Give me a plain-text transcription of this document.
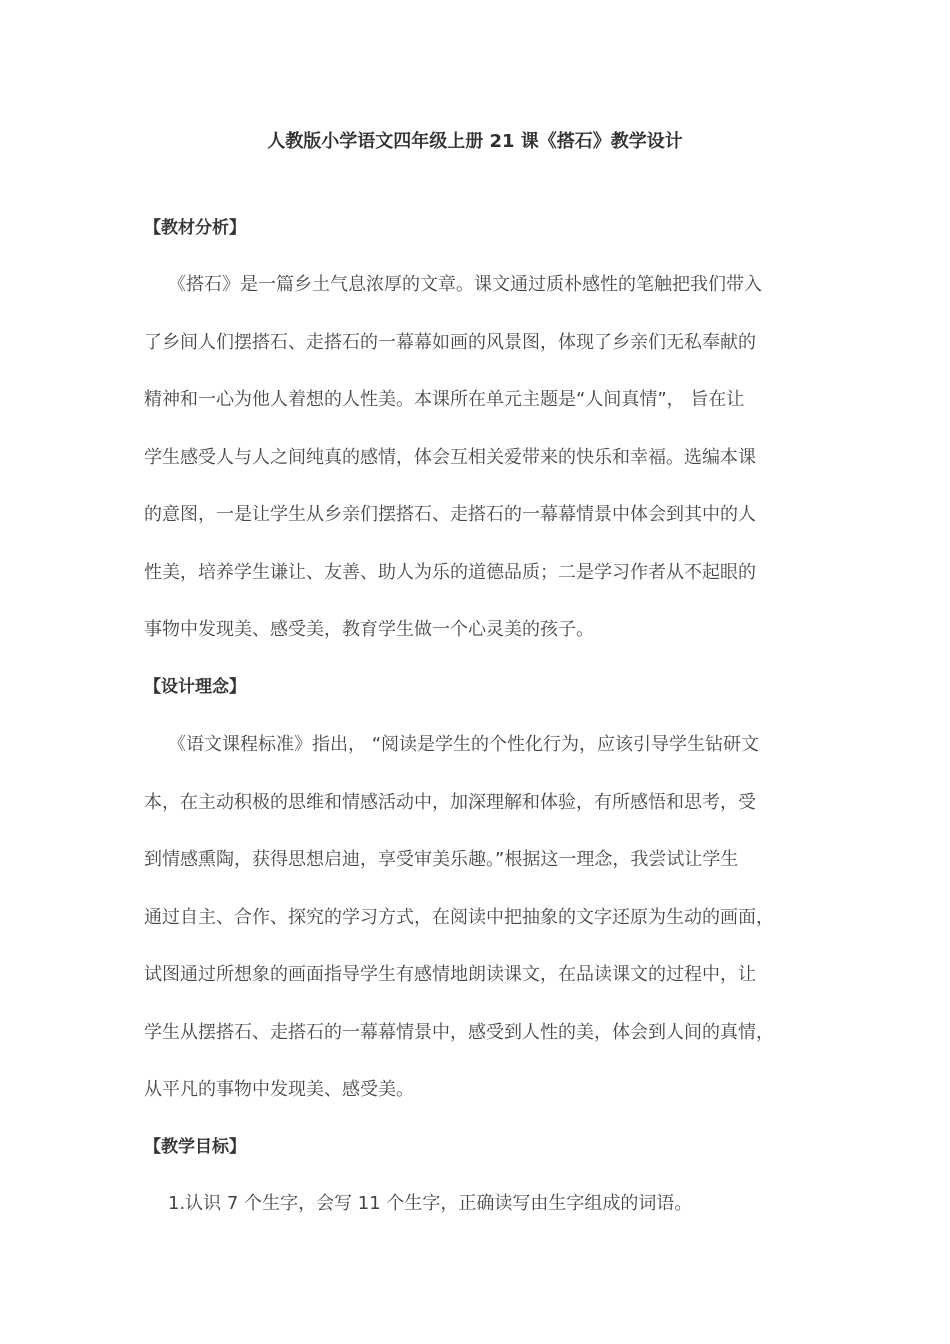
人教版小学语文四年级上册 21 课《搭石》教学设计
【教材分析】
《搭石》是一篇乡土气息浓厚的文章。课文通过质朴感性的笔触把我们带入
了乡间人们摆搭石、走搭石的一幕幕如画的风景图，体现了乡亲们无私奉献的
精神和一心为他人着想的人性美。本课所在单元主题是“人间真情”， 旨在让
学生感受人与人之间纯真的感情，体会互相关爱带来的快乐和幸福。选编本课
的意图，一是让学生从乡亲们摆搭石、走搭石的一幕幕情景中体会到其中的人
性美，培养学生谦让、友善、助人为乐的道德品质；二是学习作者从不起眼的
事物中发现美、感受美，教育学生做一个心灵美的孩子。
【设计理念】
《语文课程标准》指出， “阅读是学生的个性化行为，应该引导学生钻研文
本，在主动积极的思维和情感活动中，加深理解和体验，有所感悟和思考，受
到情感熏陶，获得思想启迪，享受审美乐趣。”根据这一理念，我尝试让学生
通过自主、合作、探究的学习方式，在阅读中把抽象的文字还原为生动的画面，
试图通过所想象的画面指导学生有感情地朗读课文，在品读课文的过程中，让
学生从摆搭石、走搭石的一幕幕情景中，感受到人性的美，体会到人间的真情，
从平凡的事物中发现美、感受美。
【教学目标】
1.认识 7 个生字，会写 11 个生字，正确读写由生字组成的词语。
